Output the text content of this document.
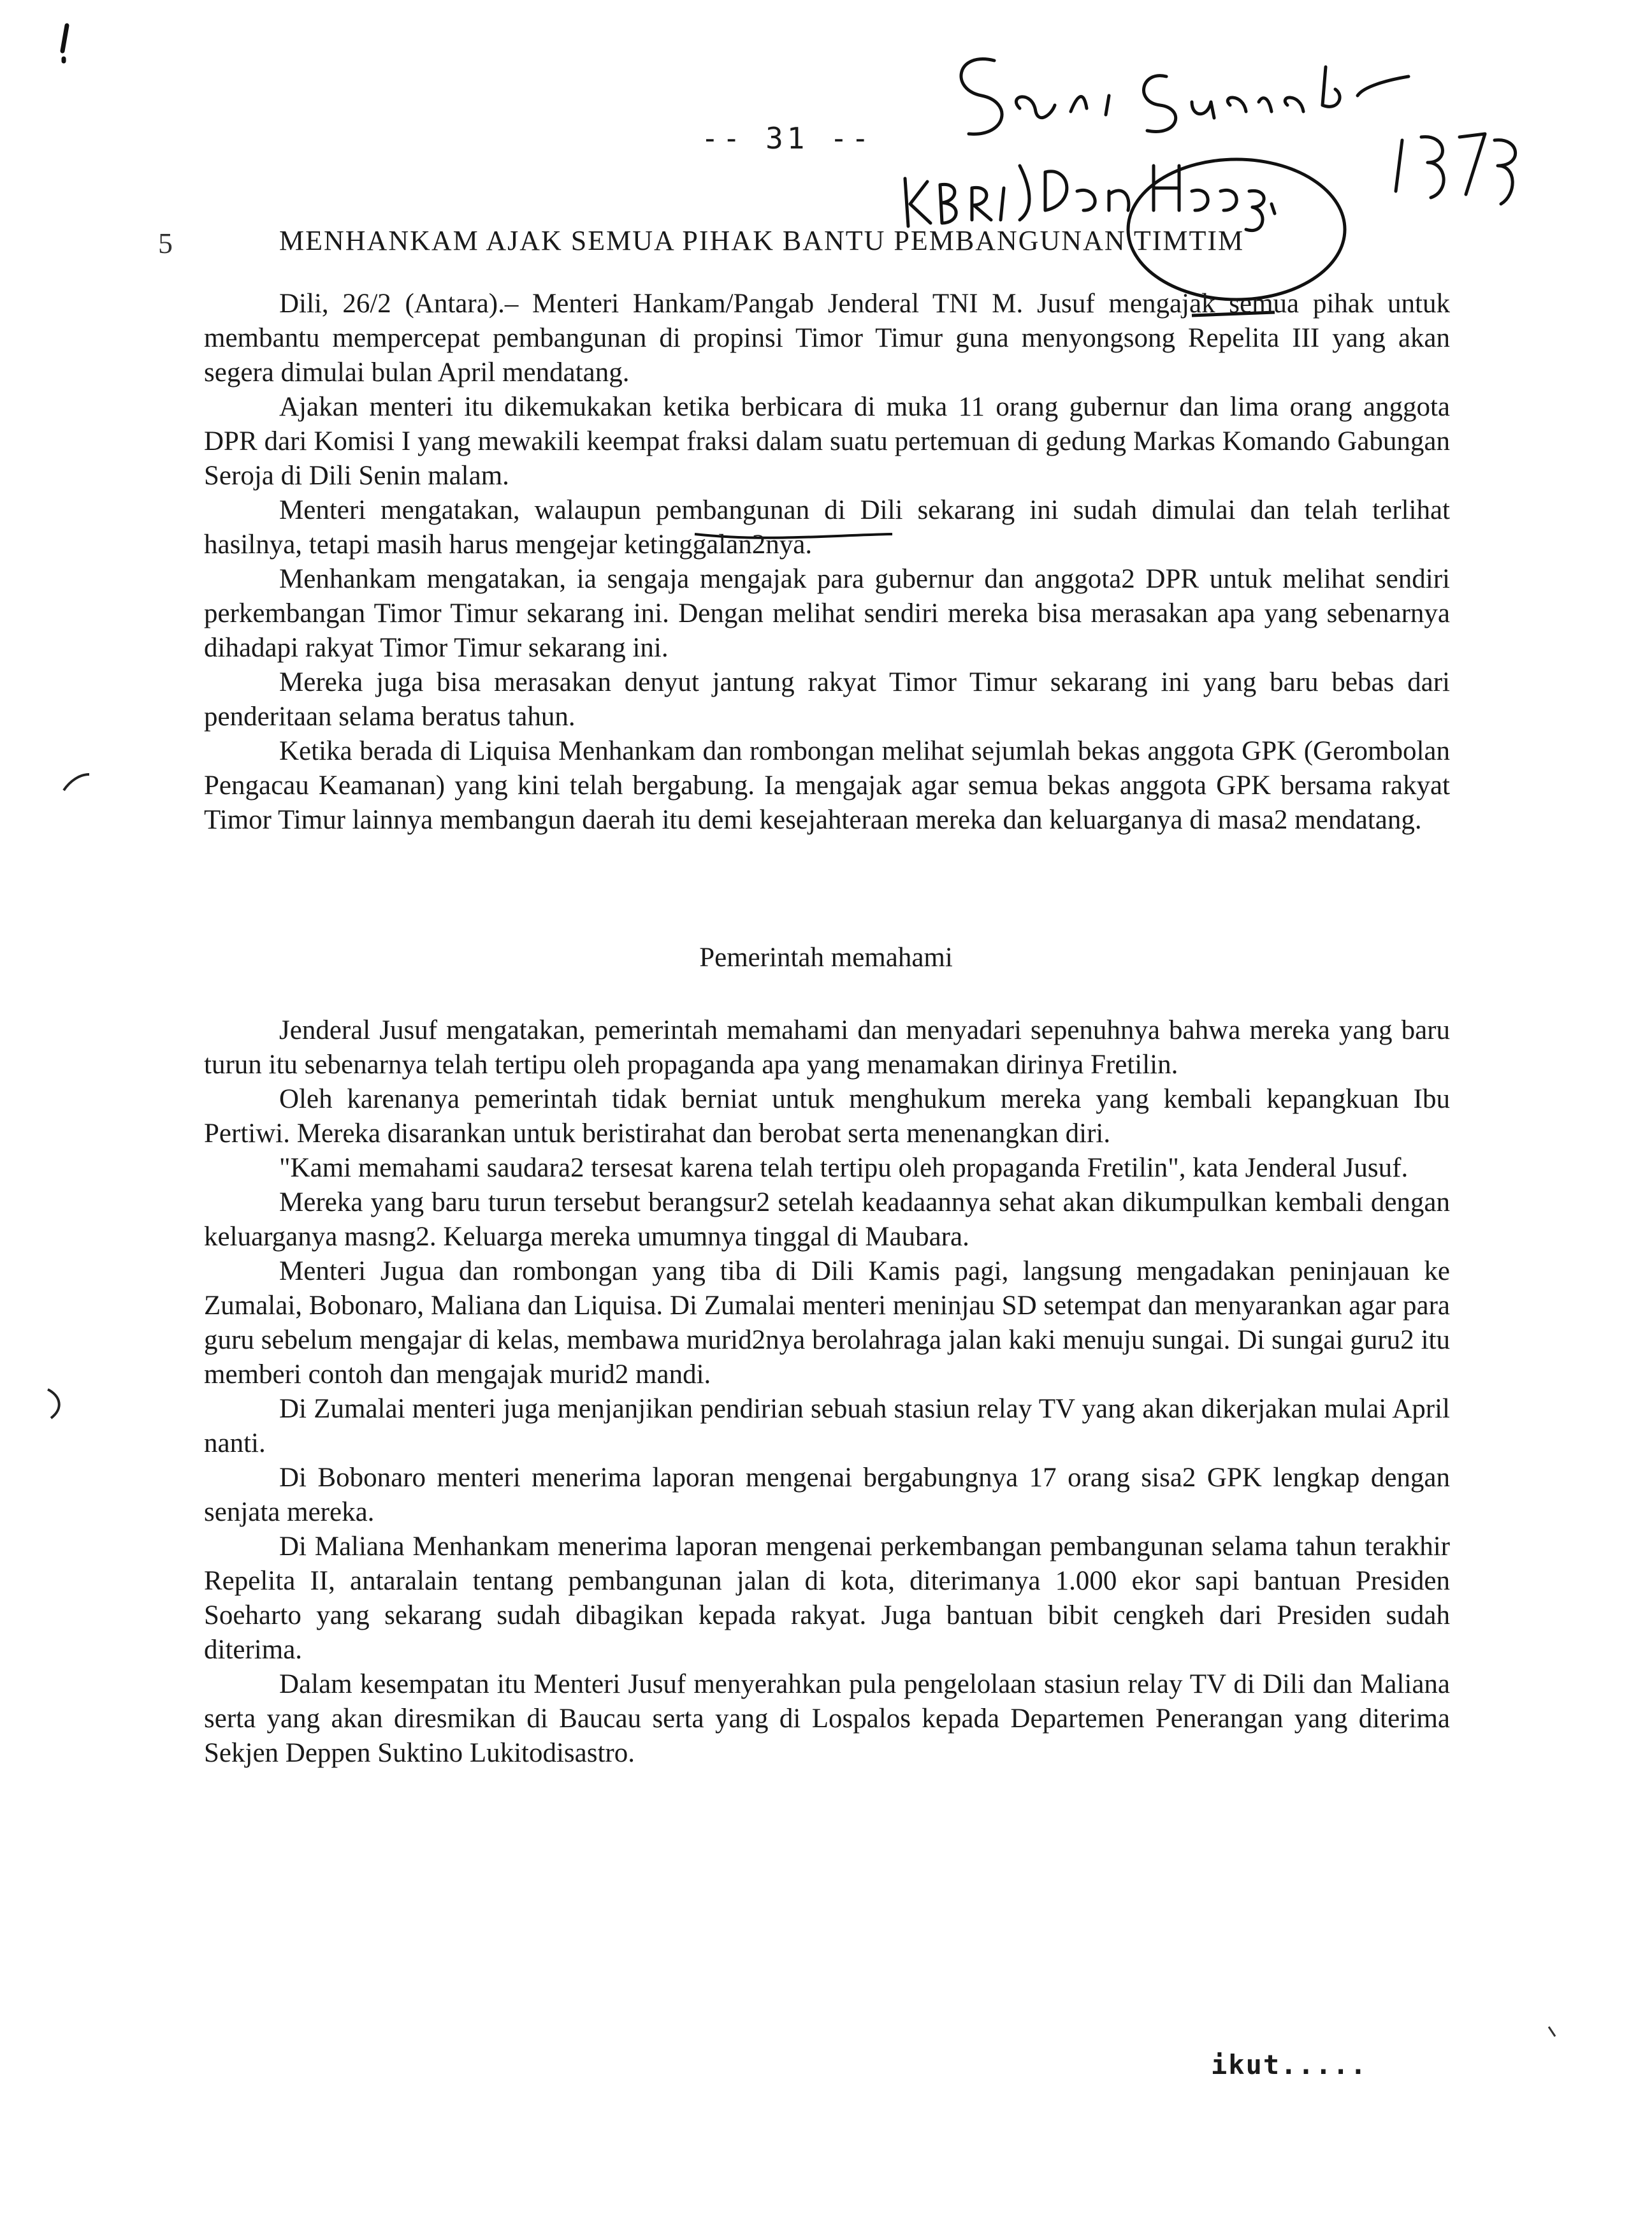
-- 31 --
5	MENHANKAM AJAK SEMUA PIHAK BANTU PEMBANGUNAN TIMTIM

Dili, 26/2 (Antara).– Menteri Hankam/Pangab Jenderal TNI M. Jusuf mengajak semua pihak untuk membantu mempercepat pembangunan di propinsi Timor Timur guna menyongsong Repelita III yang akan segera dimulai bulan April mendatang.

Ajakan menteri itu dikemukakan ketika berbicara di muka 11 orang gubernur dan lima orang anggota DPR dari Komisi I yang mewakili keempat fraksi dalam suatu pertemuan di gedung Markas Komando Gabungan Seroja di Dili Senin malam.

Menteri mengatakan, walaupun pembangunan di Dili sekarang ini sudah dimulai dan telah terlihat hasilnya, tetapi masih harus mengejar ketinggalan2nya.

Menhankam mengatakan, ia sengaja mengajak para gubernur dan anggota2 DPR untuk melihat sendiri perkembangan Timor Timur sekarang ini. Dengan melihat sendiri mereka bisa merasakan apa yang sebenarnya dihadapi rakyat Timor Timur sekarang ini.

Mereka juga bisa merasakan denyut jantung rakyat Timor Timur sekarang ini yang baru bebas dari penderitaan selama beratus tahun.

Ketika berada di Liquisa Menhankam dan rombongan melihat sejumlah bekas anggota GPK (Gerombolan Pengacau Keamanan) yang kini telah bergabung. Ia mengajak agar semua bekas anggota GPK bersama rakyat Timor Timur lainnya membangun daerah itu demi kesejahteraan mereka dan keluarganya di masa2 mendatang.

Pemerintah memahami

Jenderal Jusuf mengatakan, pemerintah memahami dan menyadari sepenuhnya bahwa mereka yang baru turun itu sebenarnya telah tertipu oleh propaganda apa yang menamakan dirinya Fretilin.

Oleh karenanya pemerintah tidak berniat untuk menghukum mereka yang kembali kepangkuan Ibu Pertiwi. Mereka disarankan untuk beristirahat dan berobat serta menenangkan diri.

"Kami memahami saudara2 tersesat karena telah tertipu oleh propaganda Fretilin", kata Jenderal Jusuf.

Mereka yang baru turun tersebut berangsur2 setelah keadaannya sehat akan dikumpulkan kembali dengan keluarganya masng2. Keluarga mereka umumnya tinggal di Maubara.

Menteri Jugua dan rombongan yang tiba di Dili Kamis pagi, langsung mengadakan peninjauan ke Zumalai, Bobonaro, Maliana dan Liquisa. Di Zumalai menteri meninjau SD setempat dan menyarankan agar para guru sebelum mengajar di kelas, membawa murid2nya berolahraga jalan kaki menuju sungai. Di sungai guru2 itu memberi contoh dan mengajak murid2 mandi.

Di Zumalai menteri juga menjanjikan pendirian sebuah stasiun relay TV yang akan dikerjakan mulai April nanti.

Di Bobonaro menteri menerima laporan mengenai bergabungnya 17 orang sisa2 GPK lengkap dengan senjata mereka.

Di Maliana Menhankam menerima laporan mengenai perkembangan pembangunan selama tahun terakhir Repelita II, antaralain tentang pembangunan jalan di kota, diterimanya 1.000 ekor sapi bantuan Presiden Soeharto yang sekarang sudah dibagikan kepada rakyat. Juga bantuan bibit cengkeh dari Presiden sudah diterima.

Dalam kesempatan itu Menteri Jusuf menyerahkan pula pengelolaan stasiun relay TV di Dili dan Maliana serta yang akan diresmikan di Baucau serta yang di Lospalos kepada Departemen Penerangan yang diterima Sekjen Deppen Suktino Lukitodisastro.

ikut.....
